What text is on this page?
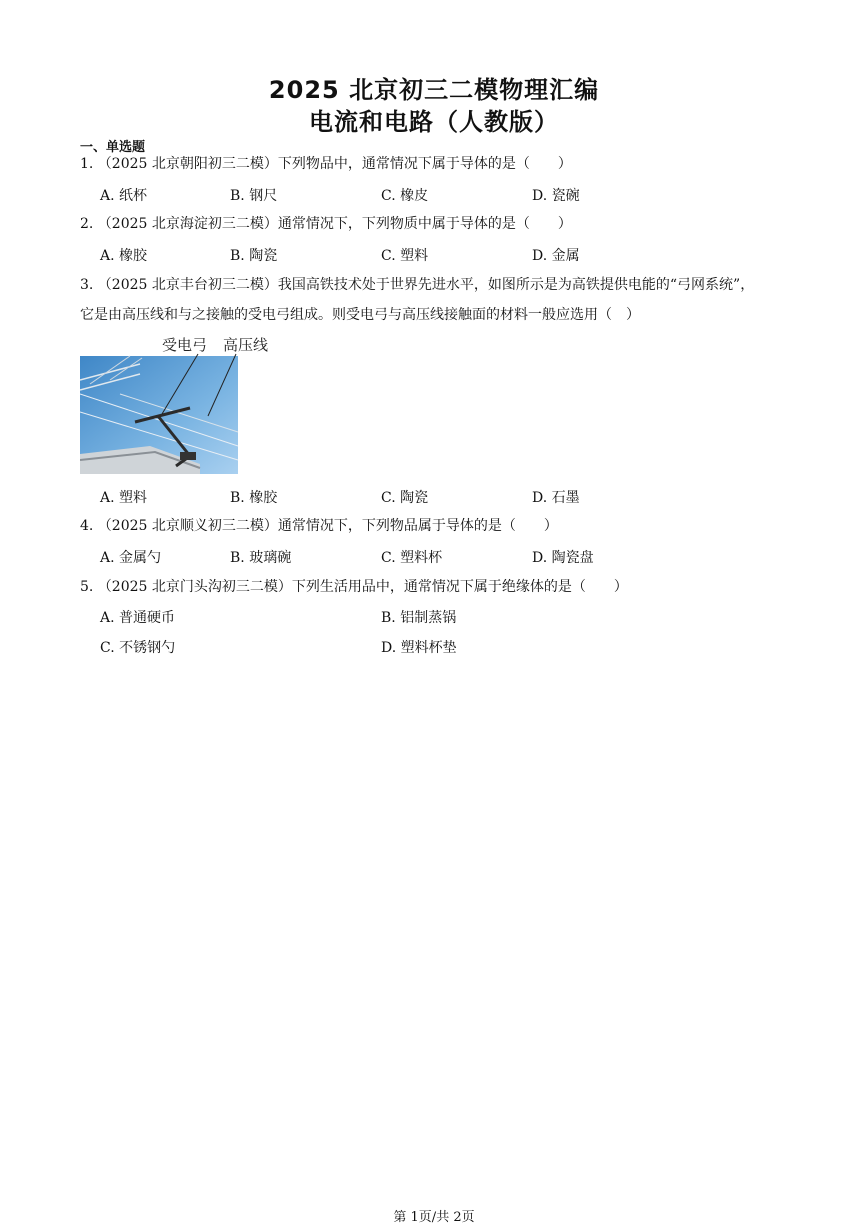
2025 北京初三二模物理汇编
电流和电路（人教版）
一、单选题
1. （2025 北京朝阳初三二模）下列物品中，通常情况下属于导体的是（　　）
A. 纸杯	B. 钢尺	C. 橡皮	D. 瓷碗
2. （2025 北京海淀初三二模）通常情况下，下列物质中属于导体的是（　　）
A. 橡胶	B. 陶瓷	C. 塑料	D. 金属
3. （2025 北京丰台初三二模）我国高铁技术处于世界先进水平，如图所示是为高铁提供电能的“弓网系统”，
它是由高压线和与之接触的受电弓组成。则受电弓与高压线接触面的材料一般应选用（　）
受电弓 高压线
A. 塑料	B. 橡胶	C. 陶瓷	D. 石墨
4. （2025 北京顺义初三二模）通常情况下，下列物品属于导体的是（　　）
A. 金属勺	B. 玻璃碗	C. 塑料杯	D. 陶瓷盘
5. （2025 北京门头沟初三二模）下列生活用品中，通常情况下属于绝缘体的是（　　）
A. 普通硬币	B. 铝制蒸锅
C. 不锈钢勺	D. 塑料杯垫
第 1页/共 2页
